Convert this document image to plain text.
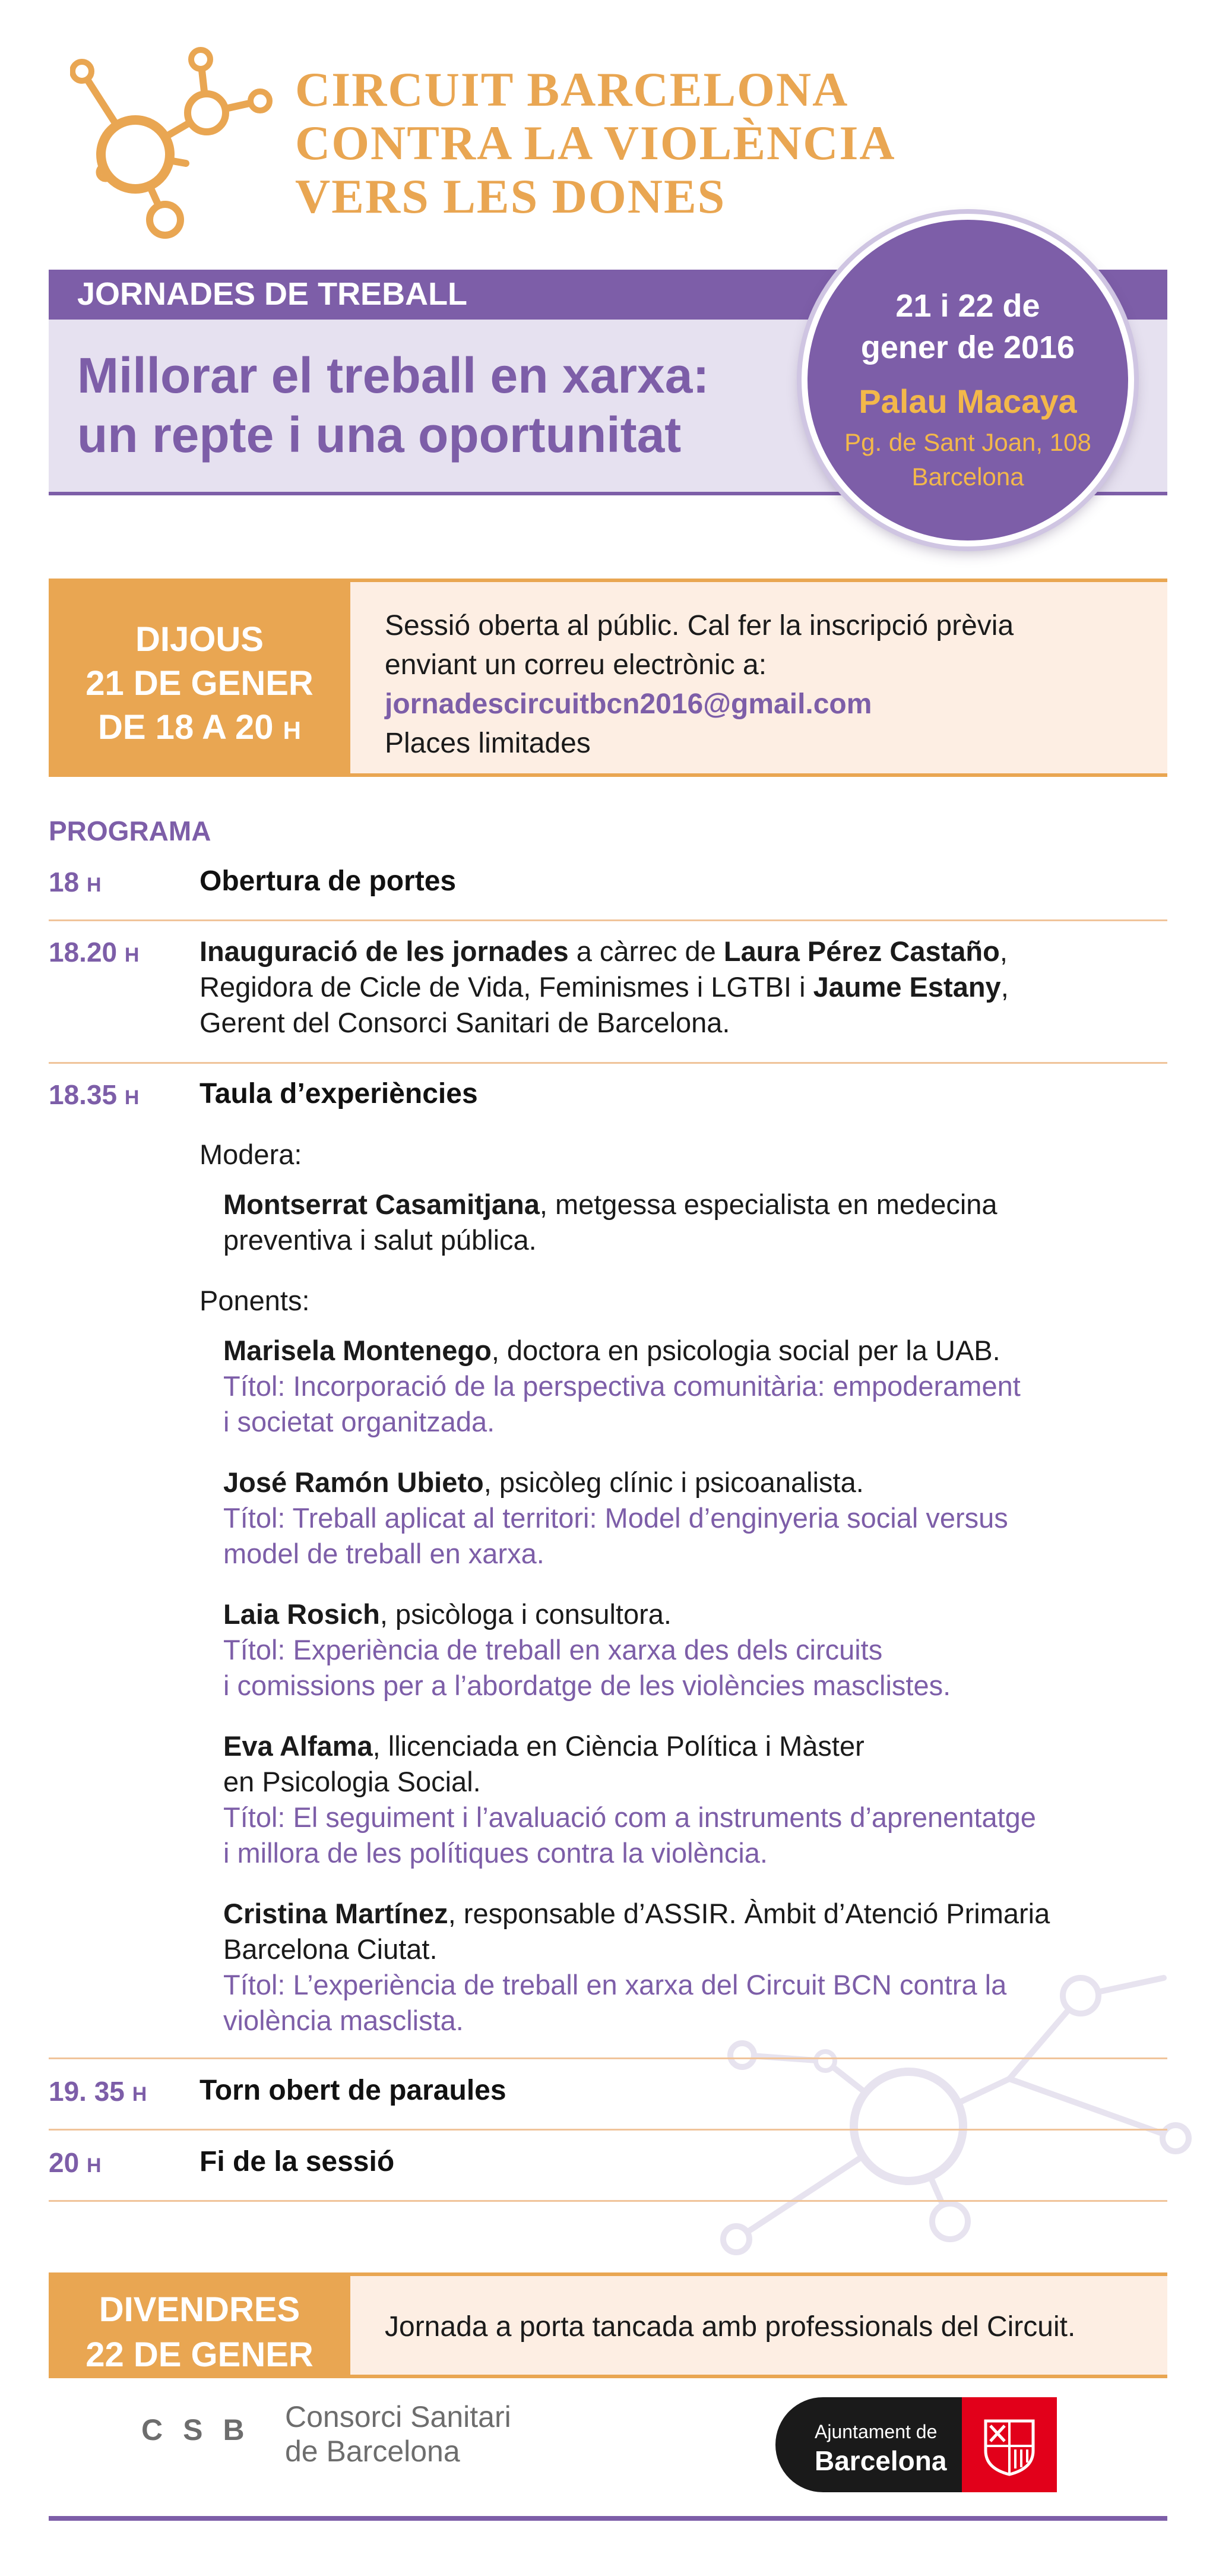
CIRCUIT BARCELONA
CONTRA LA VIOLÈNCIA
VERS LES DONES
JORNADES DE TREBALL
Millorar el treball en xarxa:
un repte i una oportunitat
21 i 22 de
gener de 2016
Palau Macaya
Pg. de Sant Joan, 108
Barcelona
DIJOUS
21 DE GENER
DE 18 A 20 H
Sessió oberta al públic. Cal fer la inscripció prèvia
enviant un correu electrònic a:
jornadescircuitbcn2016@gmail.com
Places limitades
PROGRAMA
18 H	Obertura de portes
18.20 H Inauguració de les jornades a càrrec de Laura Pérez Castaño,
Regidora de Cicle de Vida, Feminismes i LGTBI i Jaume Estany,
Gerent del Consorci Sanitari de Barcelona.
18.35 H Taula d’experiències
Modera:
Montserrat Casamitjana, metgessa especialista en medecina
preventiva i salut pública.
Ponents:
Marisela Montenego, doctora en psicologia social per la UAB.
Títol: Incorporació de la perspectiva comunitària: empoderament
i societat organitzada.
José Ramón Ubieto, psicòleg clínic i psicoanalista.
Títol: Treball aplicat al territori: Model d’enginyeria social versus
model de treball en xarxa.
Laia Rosich, psicòloga i consultora.
Títol: Experiència de treball en xarxa des dels circuits
i comissions per a l’abordatge de les violències masclistes.
Eva Alfama, llicenciada en Ciència Política i Màster
en Psicologia Social.
Títol: El seguiment i l’avaluació com a instruments d’aprenentatge
i millora de les polítiques contra la violència.
Cristina Martínez, responsable d’ASSIR. Àmbit d’Atenció Primaria
Barcelona Ciutat.
Títol: L’experiència de treball en xarxa del Circuit BCN contra la
violència masclista.
19. 35 H Torn obert de paraules
20 H	Fi de la sessió
DIVENDRES
22 DE GENER
Jornada a porta tancada amb professionals del Circuit.
CSB Consorci Sanitari
de Barcelona
Ajuntament de
Barcelona
